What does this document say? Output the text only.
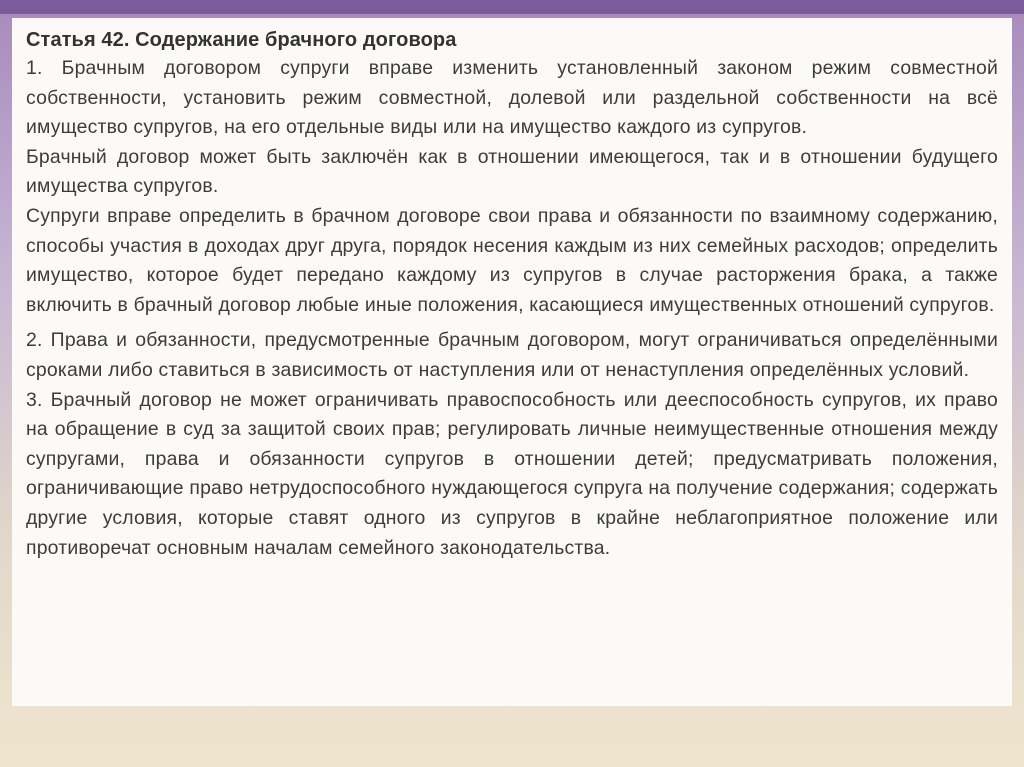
Статья 42. Содержание брачного договора

1. Брачным договором супруги вправе изменить установленный законом режим совместной собственности, установить режим совместной, долевой или раздельной собственности на всё имущество супругов, на его отдельные виды или на имущество каждого из супругов.

Брачный договор может быть заключён как в отношении имеющегося, так и в отношении будущего имущества супругов.

Супруги вправе определить в брачном договоре свои права и обязанности по взаимному содержанию, способы участия в доходах друг друга, порядок несения каждым из них семейных расходов; определить имущество, которое будет передано каждому из супругов в случае расторжения брака, а также включить в брачный договор любые иные положения, касающиеся имущественных отношений супругов.

2. Права и обязанности, предусмотренные брачным договором, могут ограничиваться определёнными сроками либо ставиться в зависимость от наступления или от ненаступления определённых условий.

3. Брачный договор не может ограничивать правоспособность или дееспособность супругов, их право на обращение в суд за защитой своих прав; регулировать личные неимущественные отношения между супругами, права и обязанности супругов в отношении детей; предусматривать положения, ограничивающие право нетрудоспособного нуждающегося супруга на получение содержания; содержать другие условия, которые ставят одного из супругов в крайне неблагоприятное положение или противоречат основным началам семейного законодательства.
